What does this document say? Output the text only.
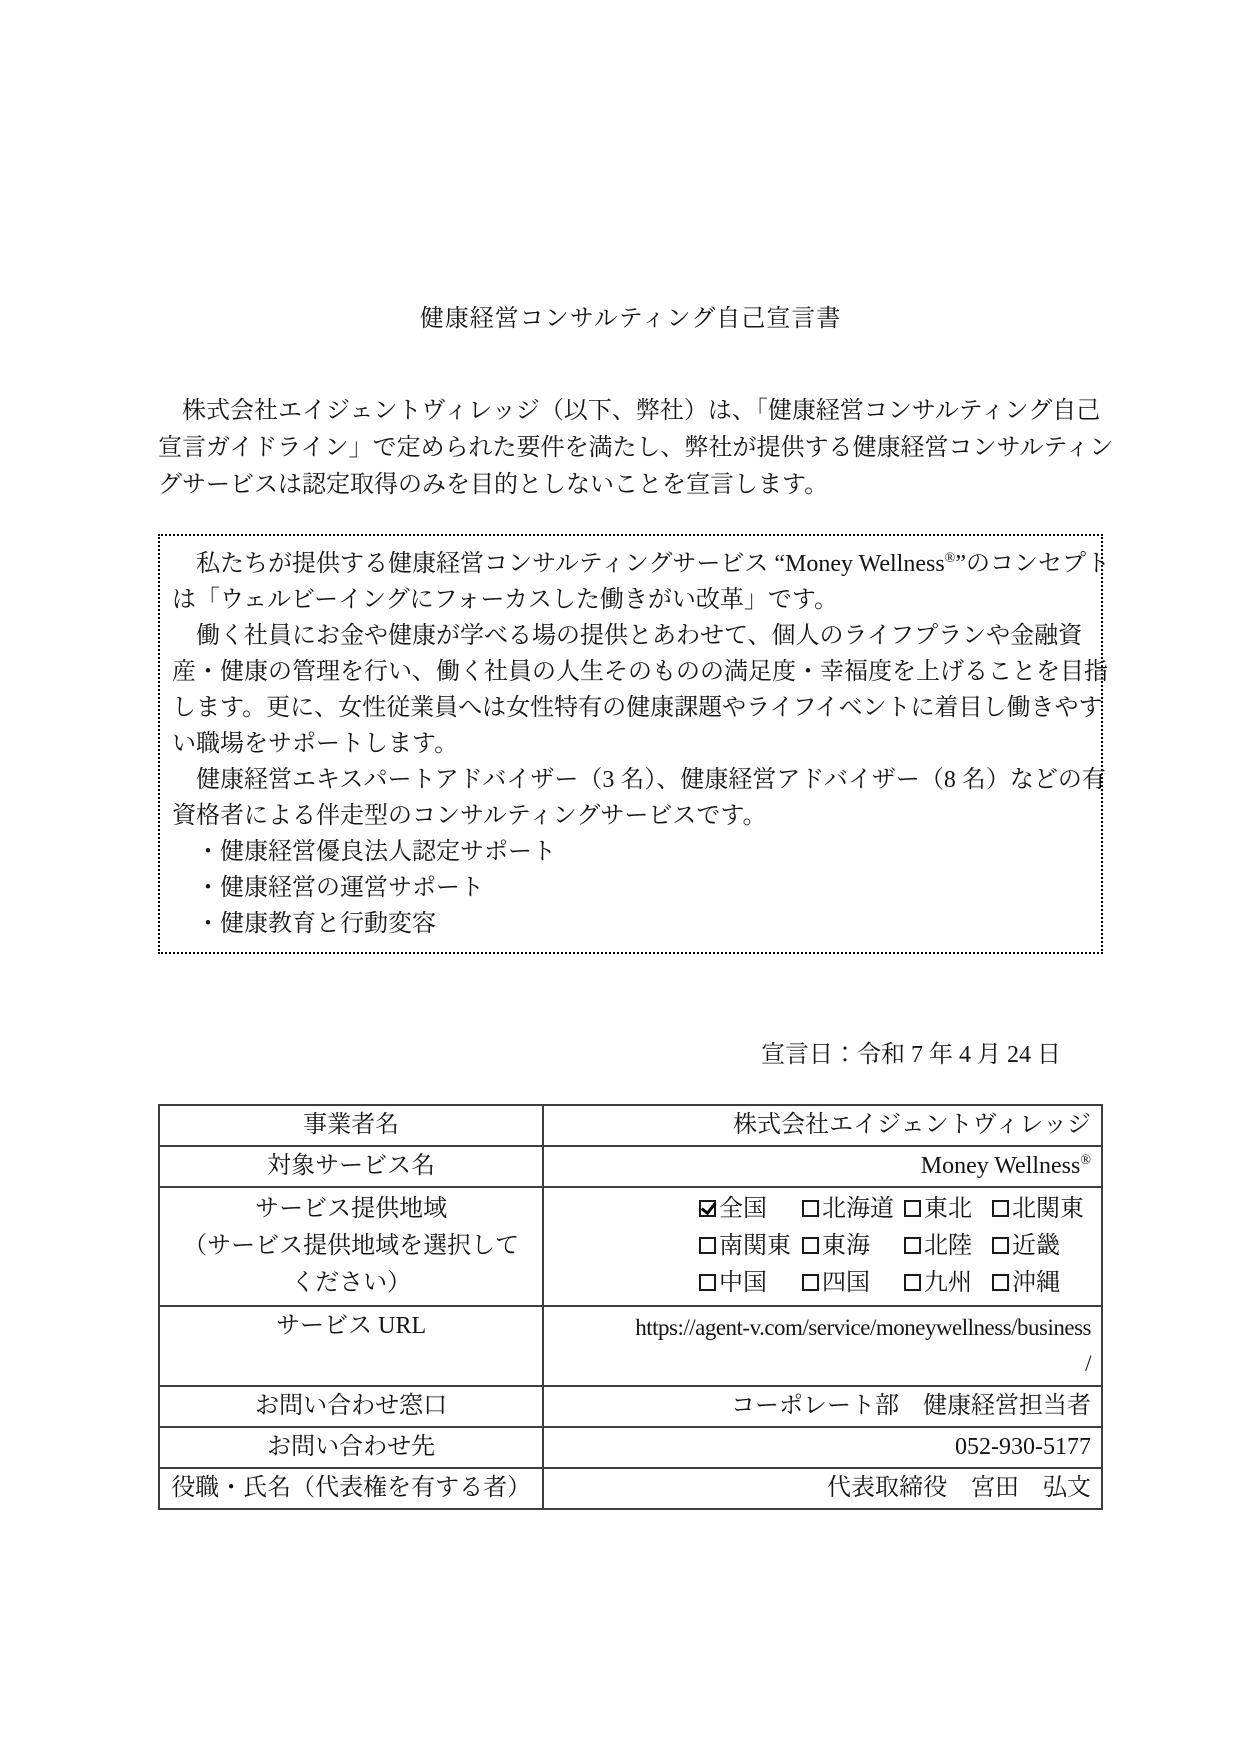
健康経営コンサルティング自己宣言書
　株式会社エイジェントヴィレッジ（以下、弊社）は、「健康経営コンサルティング自己
宣言ガイドライン」で定められた要件を満たし、弊社が提供する健康経営コンサルティン
グサービスは認定取得のみを目的としないことを宣言します。
　私たちが提供する健康経営コンサルティングサービス “Money Wellness®”のコンセプト
は「ウェルビーイングにフォーカスした働きがい改革」です。
　働く社員にお金や健康が学べる場の提供とあわせて、個人のライフプランや金融資
産・健康の管理を行い、働く社員の人生そのものの満足度・幸福度を上げることを目指
します。更に、女性従業員へは女性特有の健康課題やライフイベントに着目し働きやす
い職場をサポートします。
　健康経営エキスパートアドバイザー（3 名）、健康経営アドバイザー（8 名）などの有
資格者による伴走型のコンサルティングサービスです。
　・健康経営優良法人認定サポート
　・健康経営の運営サポート
　・健康教育と行動変容
宣言日：令和 7 年 4 月 24 日
事業者名	株式会社エイジェントヴィレッジ
対象サービス名	Money Wellness®

サービス提供地域
（サービス提供地域を選択して
ください）

全国	北海道	東北	北関東
南関東	東海	北陸	近畿
中国	四国	九州	沖縄

サービス URL	https://agent-v.com/service/moneywellness/business
/

お問い合わせ窓口	コーポレート部　健康経営担当者
お問い合わせ先	052-930-5177
役職・氏名（代表権を有する者）	代表取締役　宮田　弘文
